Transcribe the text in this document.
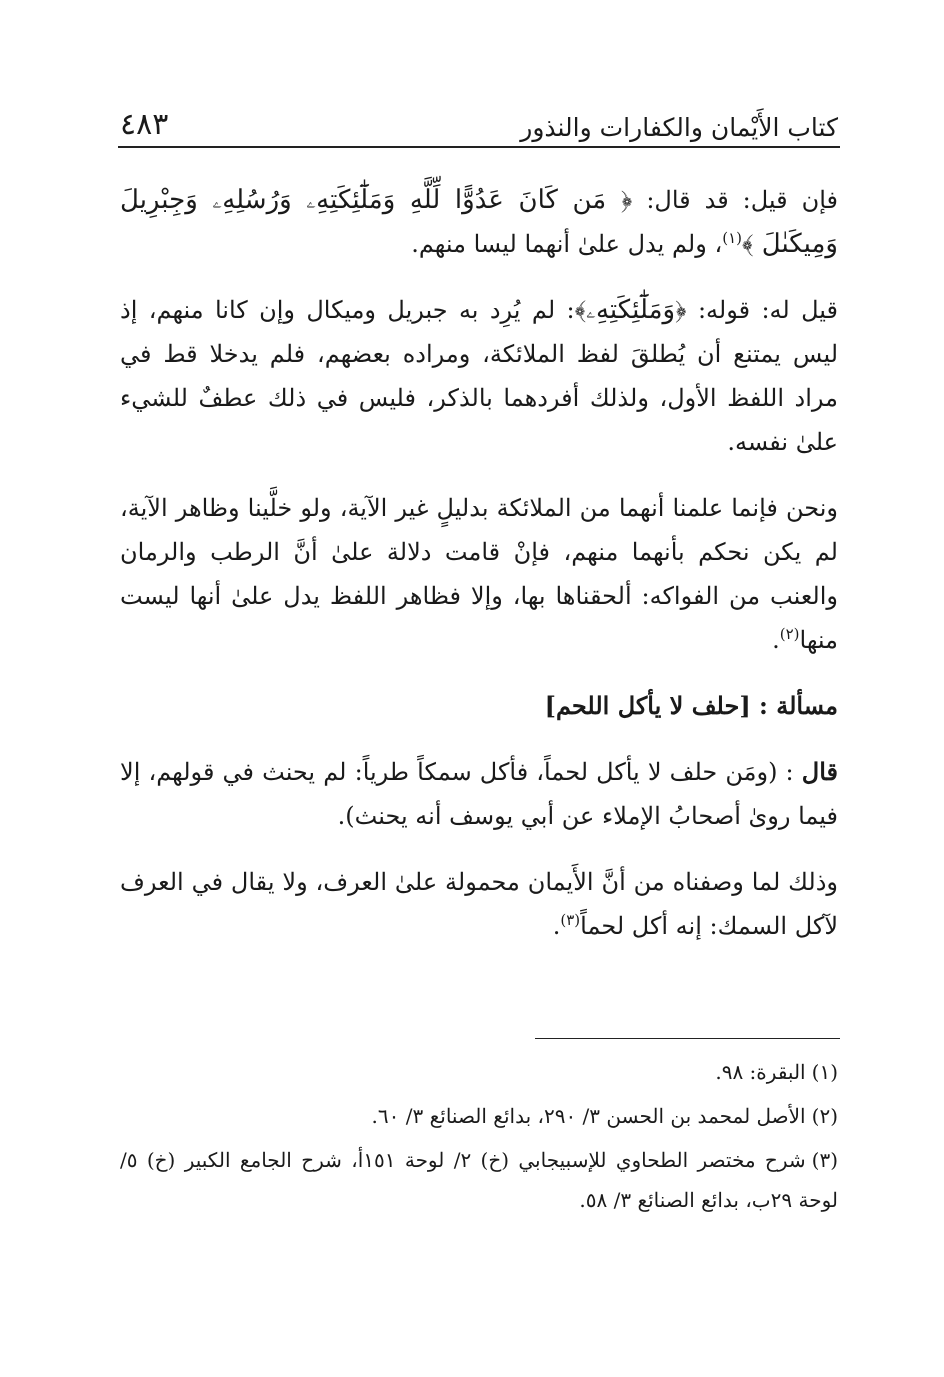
كتاب الأَيْمان والكفارات والنذور
٤٨٣

فإن قيل: قد قال: ﴿ مَن كَانَ عَدُوًّا لِّلَّهِ وَمَلَٰٓئِكَتِهِۦ وَرُسُلِهِۦ وَجِبْرِيلَ وَمِيكَىٰلَ ﴾$^{(١)}$، ولم يدل علىٰ أنهما ليسا منهم.

قيل له: قوله: ﴿وَمَلَٰٓئِكَتِهِۦ﴾: لم يُرِد به جبريل وميكال وإن كانا منهم، إذ ليس يمتنع أن يُطلقَ لفظ الملائكة، ومراده بعضهم، فلم يدخلا قط في مراد اللفظ الأول، ولذلك أفردهما بالذكر، فليس في ذلك عطفٌ للشيء علىٰ نفسه.

ونحن فإنما علمنا أنهما من الملائكة بدليلٍ غير الآية، ولو خلَّينا وظاهر الآية، لم يكن نحكم بأنهما منهم، فإنْ قامت دلالة علىٰ أنَّ الرطب والرمان والعنب من الفواكه: ألحقناها بها، وإلا فظاهر اللفظ يدل علىٰ أنها ليست منها$^{(٢)}$.

مسألة : [حلف لا يأكل اللحم]

قال : (ومَن حلف لا يأكل لحماً، فأكل سمكاً طرياً: لم يحنث في قولهم، إلا فيما روىٰ أصحابُ الإملاء عن أبي يوسف أنه يحنث).

وذلك لما وصفناه من أنَّ الأَيمان محمولة علىٰ العرف، ولا يقال في العرف لآكل السمك: إنه أكل لحماً$^{(٣)}$.

(١)البقرة: ٩٨.

(٢)الأصل لمحمد بن الحسن ٣/ ٢٩٠، بدائع الصنائع ٣/ ٦٠.

(٣)شرح مختصر الطحاوي للإسبيجابي (خ) ٢/ لوحة ١٥١أ، شرح الجامع الكبير (خ) ٥/ لوحة ٢٩ب، بدائع الصنائع ٣/ ٥٨.
